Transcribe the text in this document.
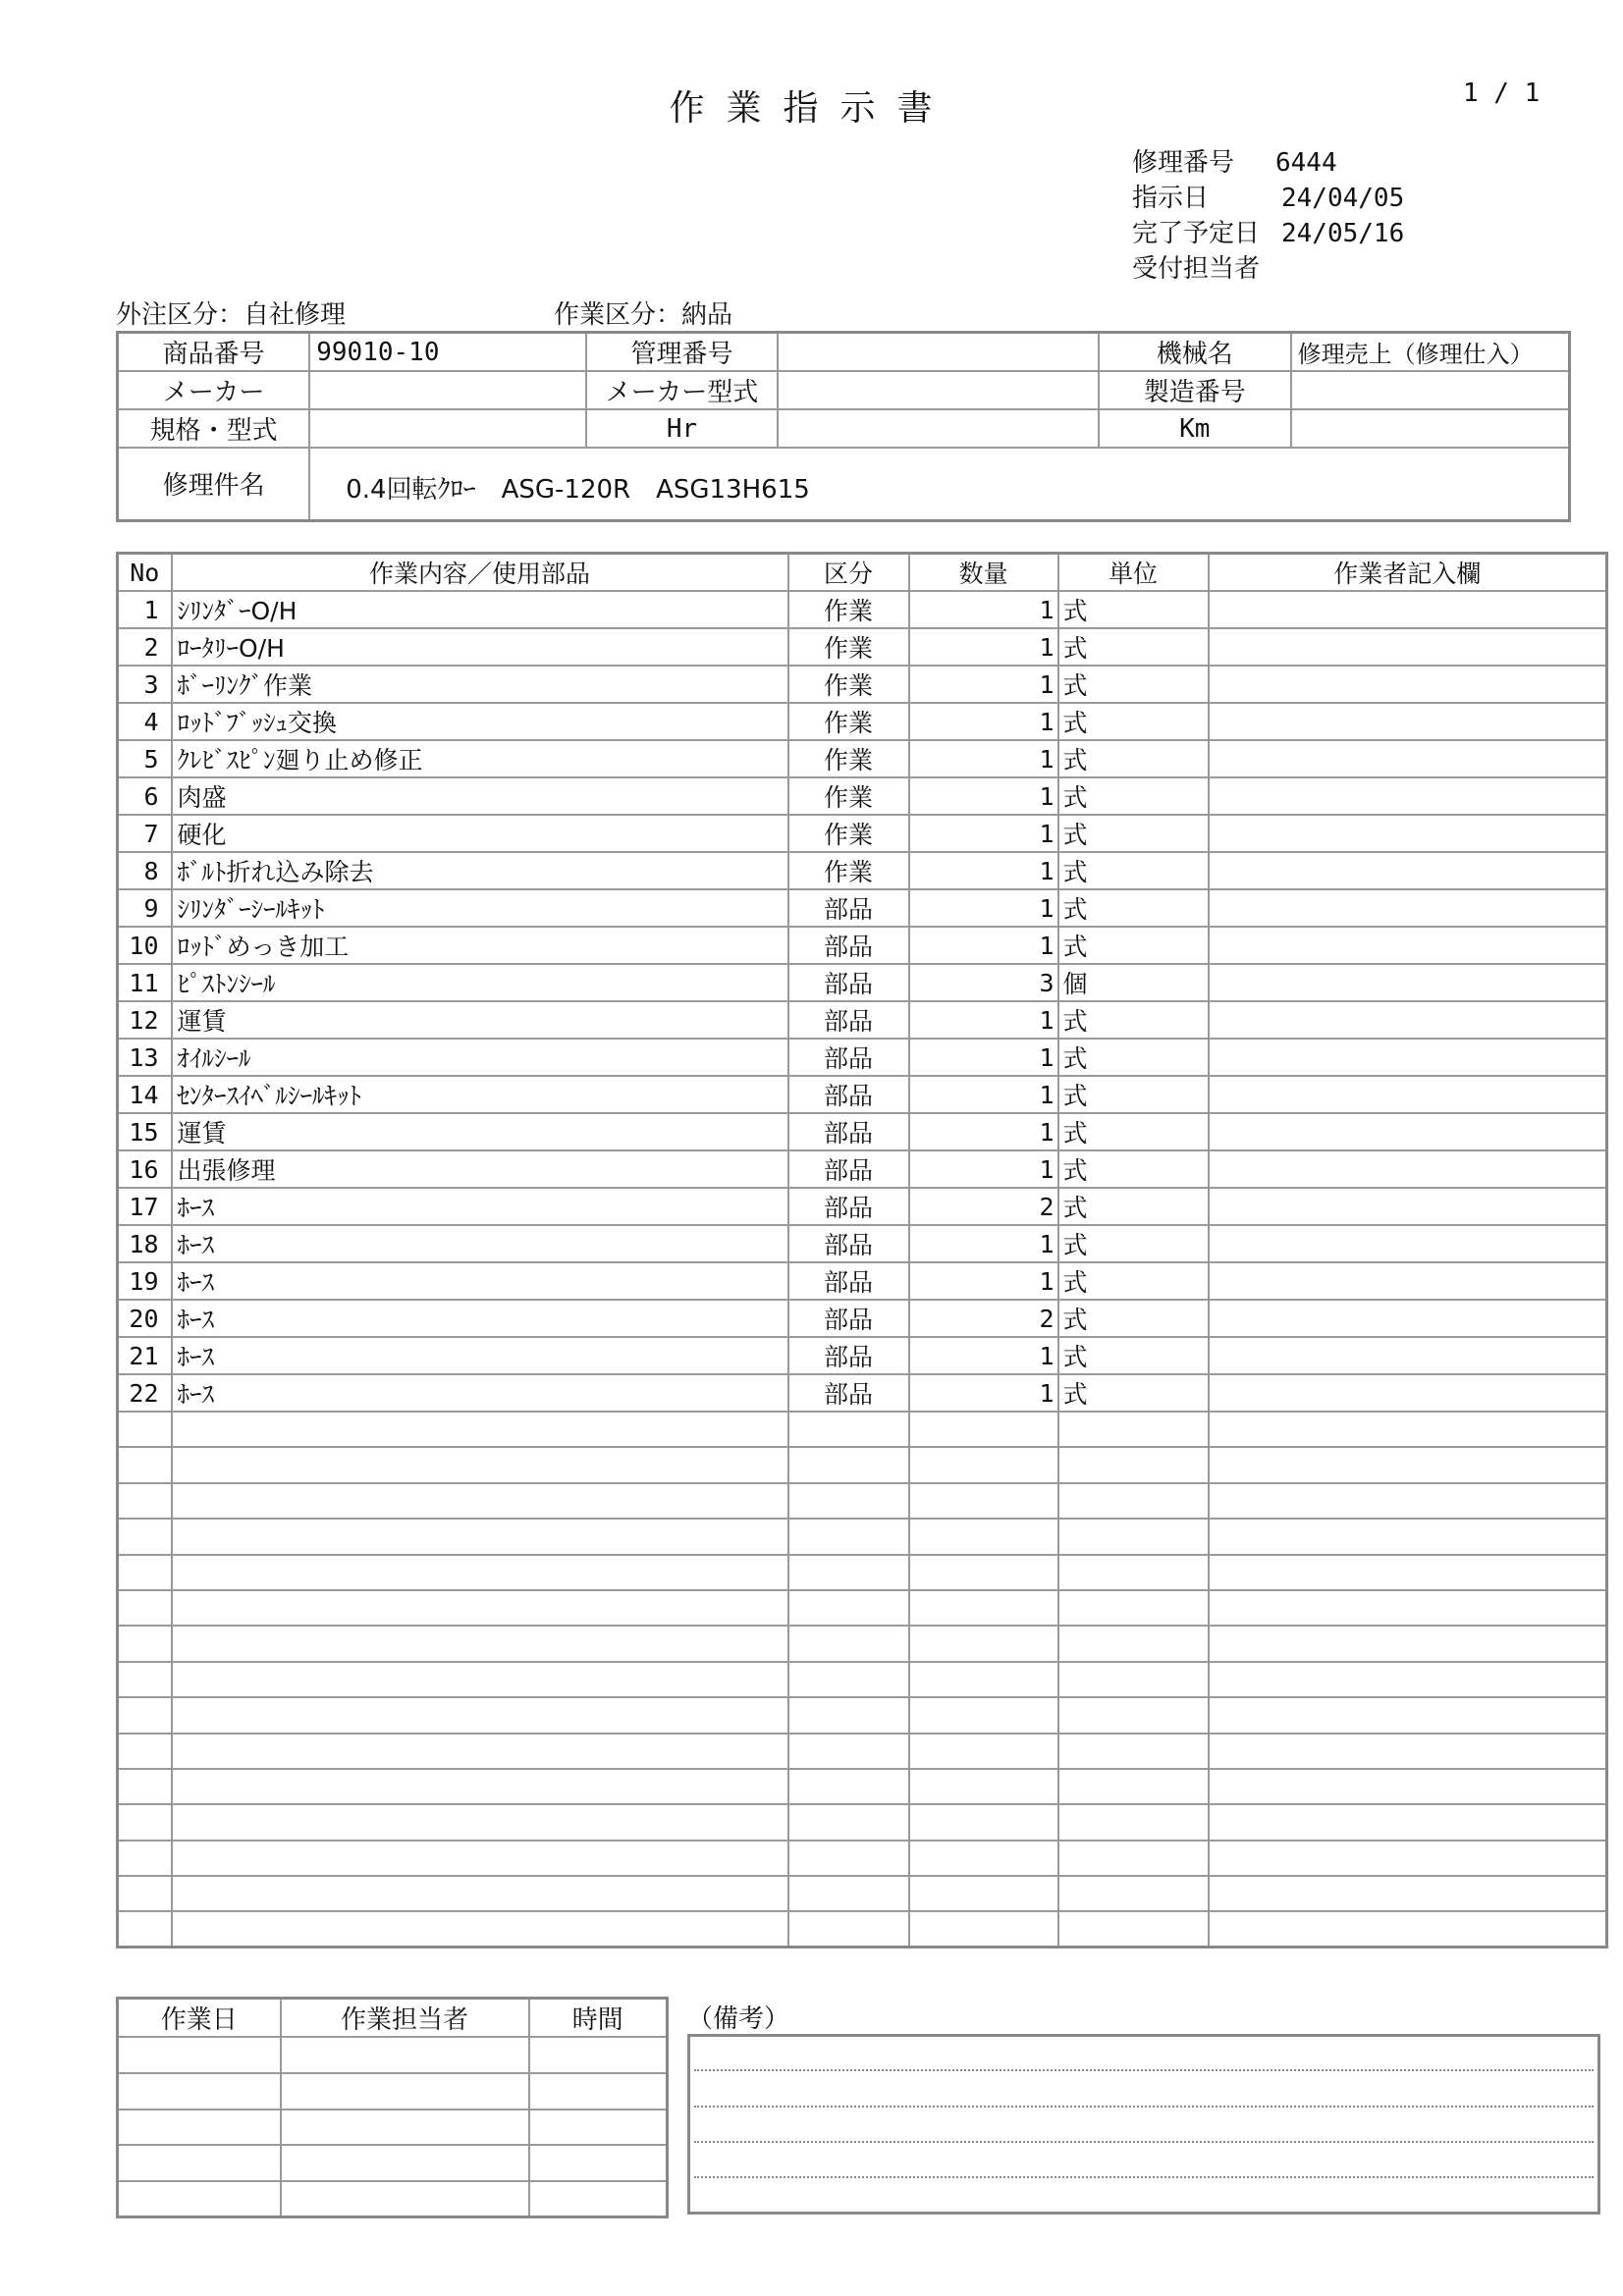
作業指示書	1 / 1
修理番号 6444
指示日	24/04/05
完了予定日 24/05/16
受付担当者
外注区分：自社修理	作業区分：納品
商品番号	99010-10	管理番号		機械名	修理売上（修理仕入）
メーカー		メーカー型式		製造番号	
規格・型式		Hr		Km	
修理件名	0.4回転ｸﾛｰ　ASG-120R　ASG13H615				
No	作業内容／使用部品	区分	数量	単位	作業者記入欄
1	ｼﾘﾝﾀﾞｰO/H	作業	1	式	
2	ﾛｰﾀﾘｰO/H	作業	1	式	
3	ﾎﾞｰﾘﾝｸﾞ作業	作業	1	式	
4	ﾛｯﾄﾞﾌﾞｯｼｭ交換	作業	1	式	
5	ｸﾚﾋﾞｽﾋﾟﾝ廻り止め修正	作業	1	式	
6	肉盛	作業	1	式	
7	硬化	作業	1	式	
8	ﾎﾞﾙﾄ折れ込み除去	作業	1	式	
9	ｼﾘﾝﾀﾞｰｼｰﾙｷｯﾄ	部品	1	式	
10	ﾛｯﾄﾞめっき加工	部品	1	式	
11	ﾋﾟｽﾄﾝｼｰﾙ	部品	3	個	
12	運賃	部品	1	式	
13	ｵｲﾙｼｰﾙ	部品	1	式	
14	ｾﾝﾀｰｽｲﾍﾞﾙｼｰﾙｷｯﾄ	部品	1	式	
15	運賃	部品	1	式	
16	出張修理	部品	1	式	
17	ﾎｰｽ	部品	2	式	
18	ﾎｰｽ	部品	1	式	
19	ﾎｰｽ	部品	1	式	
20	ﾎｰｽ	部品	2	式	
21	ﾎｰｽ	部品	1	式	
22	ﾎｰｽ	部品	1	式	

作業日	作業担当者	時間

			（備考）
